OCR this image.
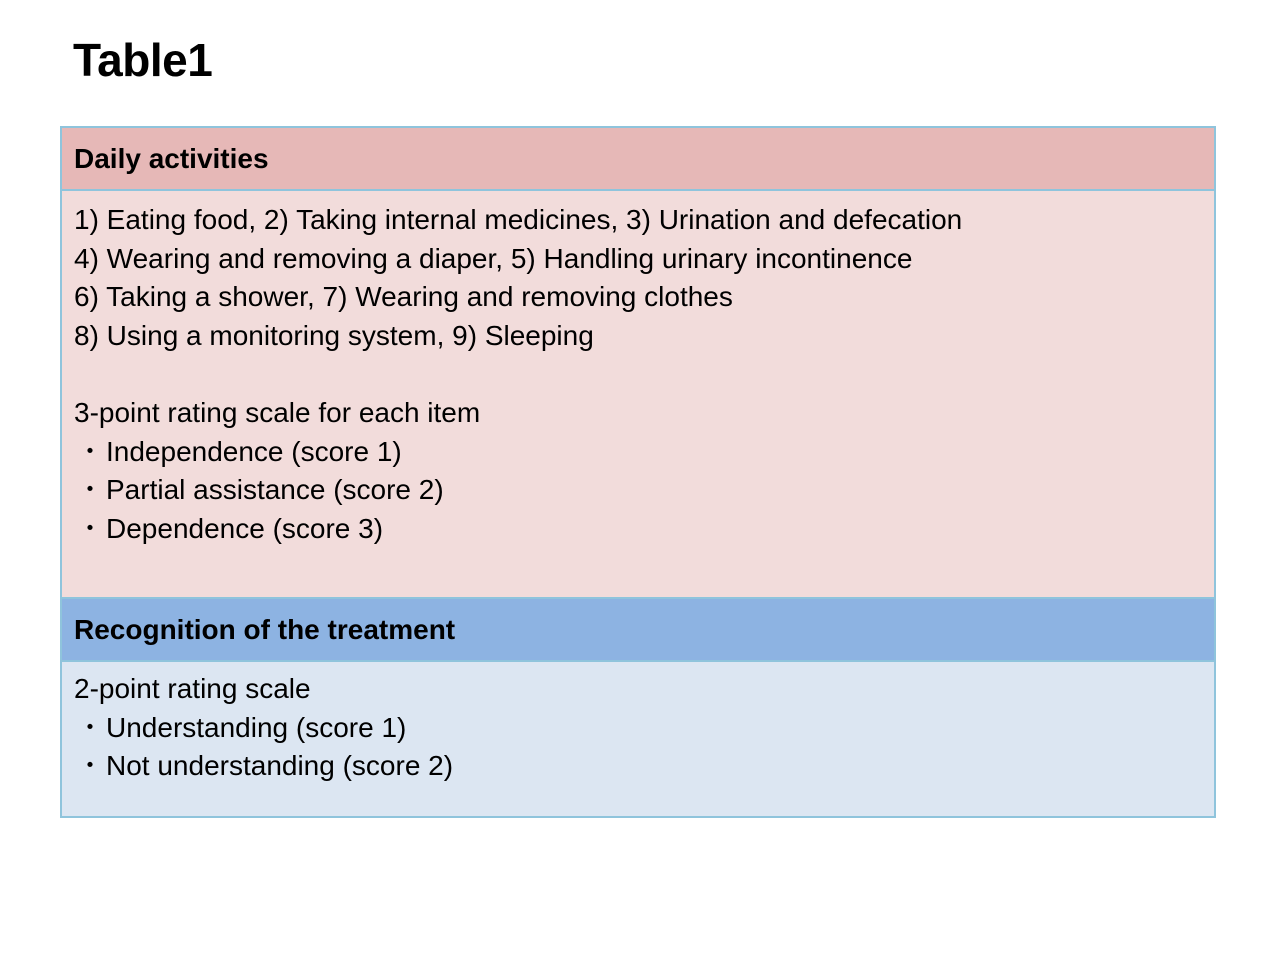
Table1
Daily activities
1) Eating food, 2) Taking internal medicines, 3) Urination and defecation
4) Wearing and removing a diaper, 5) Handling urinary incontinence
6) Taking a shower, 7) Wearing and removing clothes
8) Using a monitoring system, 9) Sleeping
3-point rating scale for each item
・Independence (score 1)
・Partial assistance (score 2)
・Dependence (score 3)
Recognition of the treatment
2-point rating scale
・Understanding (score 1)
・Not understanding (score 2)
